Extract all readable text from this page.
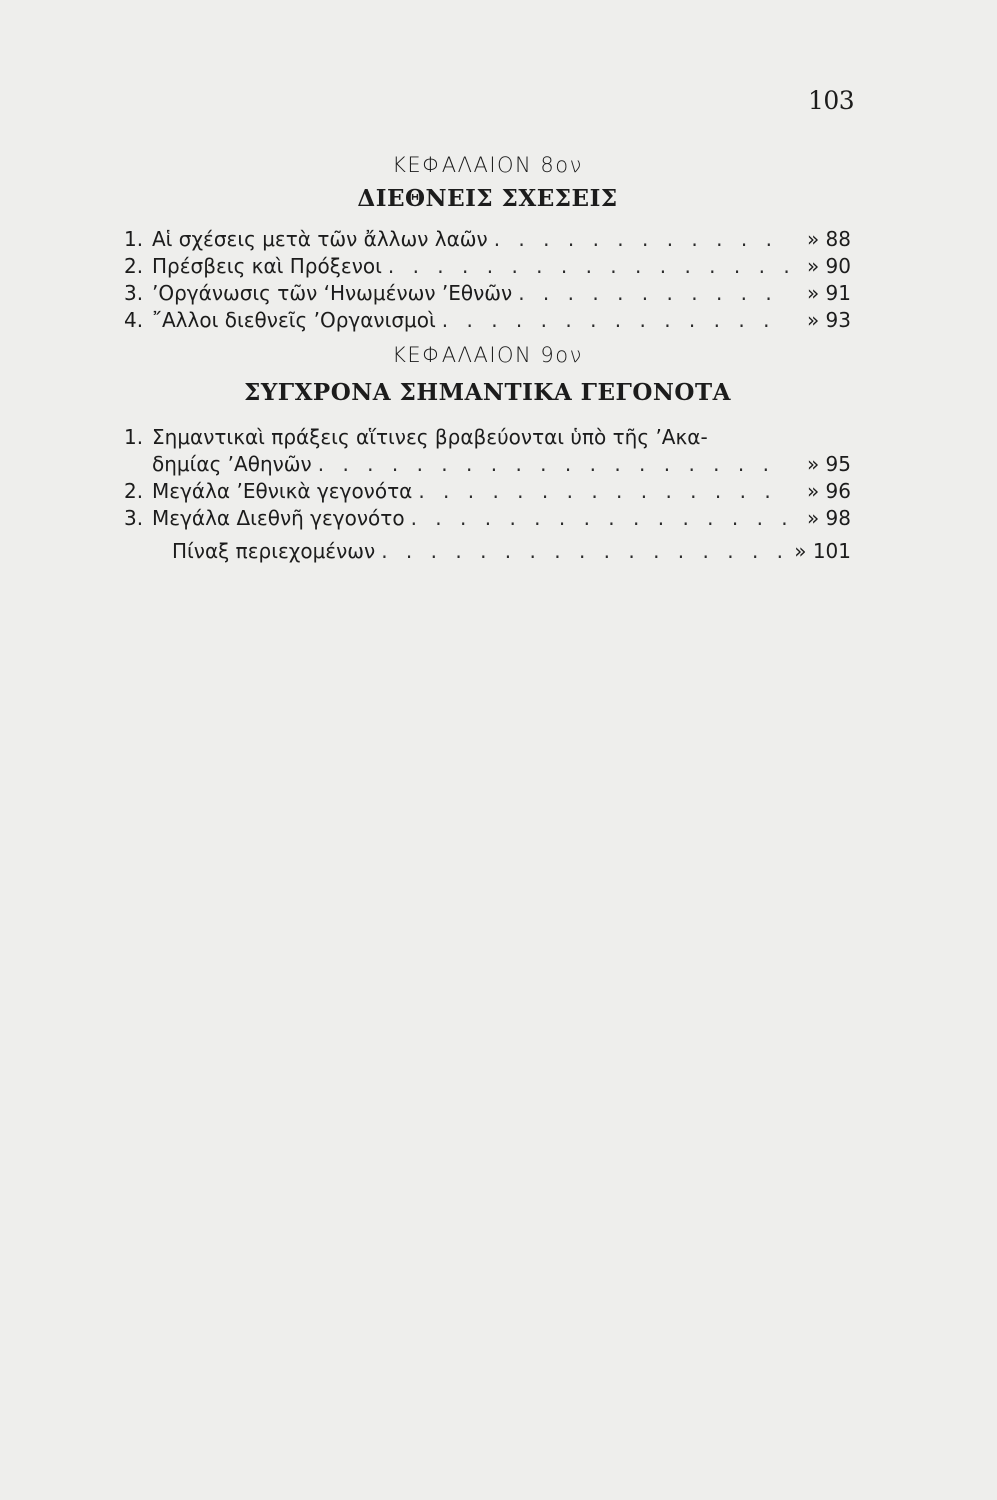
103
ΚΕΦΑΛΑΙΟΝ 8ον
ΔΙΕΘΝΕΙΣ ΣΧΕΣΕΙΣ
1. Αἱ σχέσεις μετὰ τῶν ἄλλων λαῶν . . .	» 88
2. Πρέσβεις καὶ Πρόξενοι . . .	» 90
3. ’Οργάνωσις τῶν ‘Ηνωμένων ’Εθνῶν . . .	» 91
4. ῎Αλλοι διεθνεῖς ’Οργανισμοὶ . . .	» 93
ΚΕΦΑΛΑΙΟΝ 9ον
ΣΥΓΧΡΟΝΑ ΣΗΜΑΝΤΙΚΑ ΓΕΓΟΝΟΤΑ
1. Σημαντικαὶ πράξεις αἵτινες βραβεύονται ὑπὸ τῆς ’Ακα-
δημίας ’Αθηνῶν . . .	» 95
2. Μεγάλα ’Εθνικὰ γεγονότα . . .	» 96
3. Μεγάλα Διεθνῆ γεγονότο . . .	» 98
Πίναξ περιεχομένων . . .	» 101
